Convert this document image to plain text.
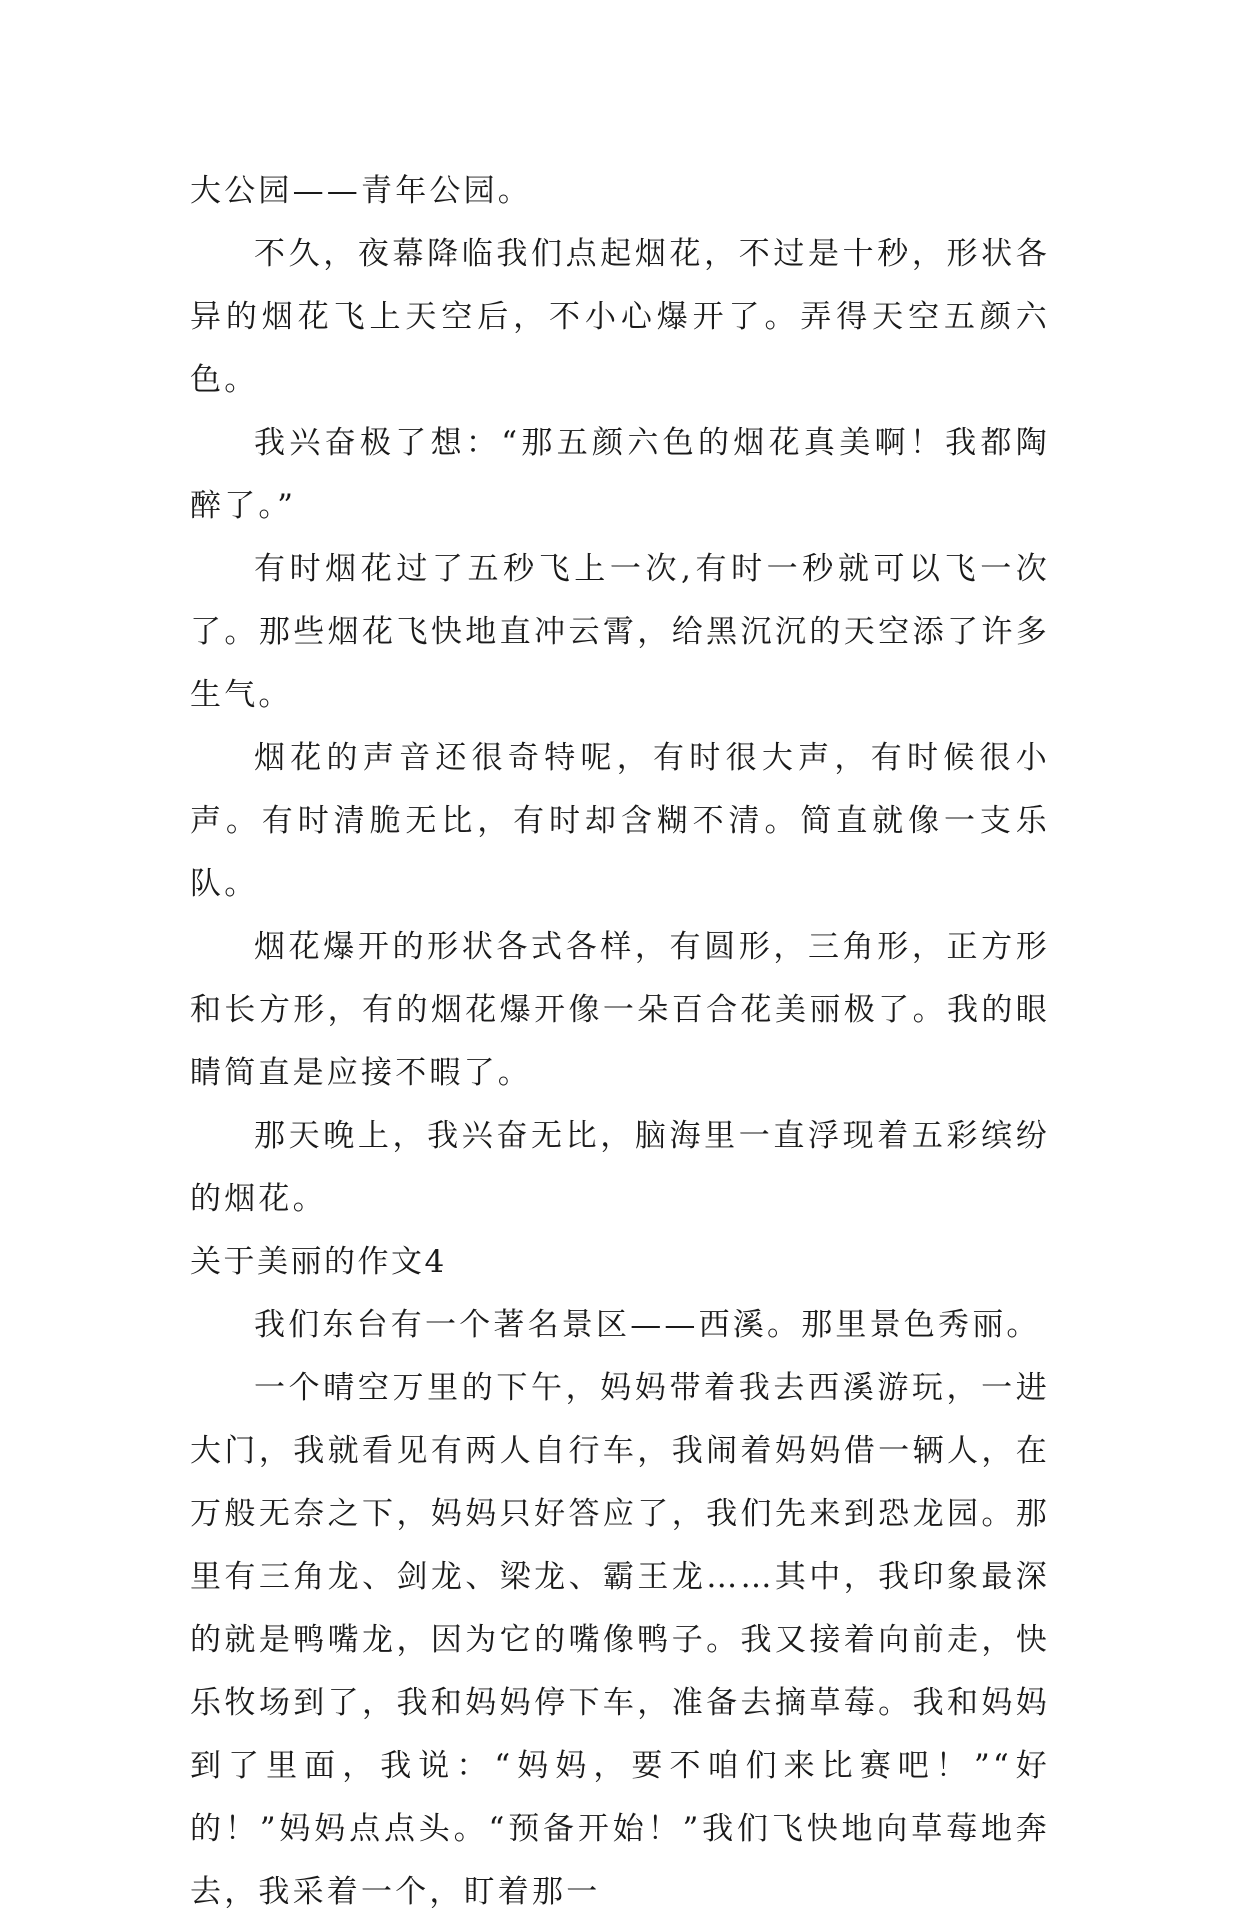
大公园——青年公园。

不久，夜幕降临我们点起烟花，不过是十秒，形状各异的烟花飞上天空后，不小心爆开了。弄得天空五颜六色。

我兴奋极了想：“那五颜六色的烟花真美啊！我都陶醉了。”

有时烟花过了五秒飞上一次,有时一秒就可以飞一次了。那些烟花飞快地直冲云霄，给黑沉沉的天空添了许多生气。

烟花的声音还很奇特呢，有时很大声，有时候很小声。有时清脆无比，有时却含糊不清。简直就像一支乐队。

烟花爆开的形状各式各样，有圆形，三角形，正方形和长方形，有的烟花爆开像一朵百合花美丽极了。我的眼睛简直是应接不暇了。

那天晚上，我兴奋无比，脑海里一直浮现着五彩缤纷的烟花。

关于美丽的作文4

我们东台有一个著名景区——西溪。那里景色秀丽。

一个晴空万里的下午，妈妈带着我去西溪游玩，一进大门，我就看见有两人自行车，我闹着妈妈借一辆人，在万般无奈之下，妈妈只好答应了，我们先来到恐龙园。那里有三角龙、剑龙、梁龙、霸王龙……其中，我印象最深的就是鸭嘴龙，因为它的嘴像鸭子。我又接着向前走，快乐牧场到了，我和妈妈停下车，准备去摘草莓。我和妈妈到了里面，我说：“妈妈，要不咱们来比赛吧！”“好的！”妈妈点点头。“预备开始！”我们飞快地向草莓地奔去，我采着一个，盯着那一
